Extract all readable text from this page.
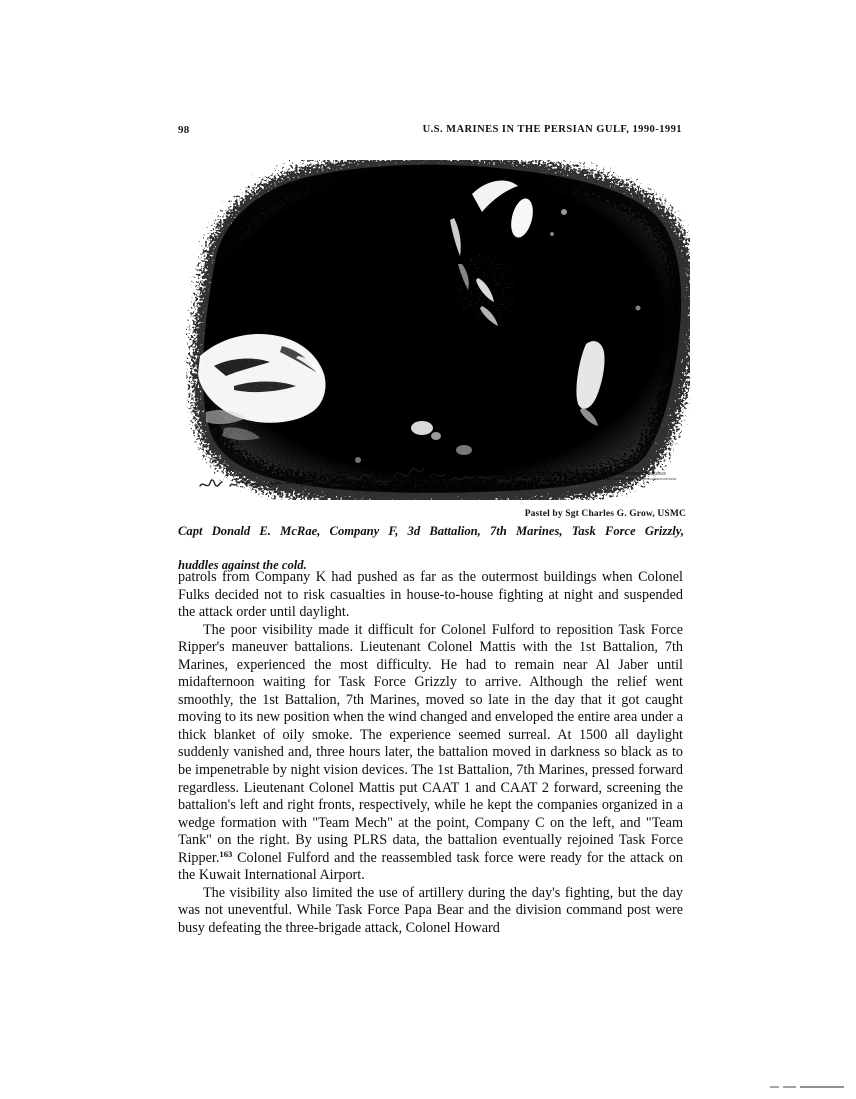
98	U.S. MARINES IN THE PERSIAN GULF, 1990-1991
Pastel by Sgt Charles G. Grow, USMC
Capt Donald E. McRae, Company F, 3d Battalion, 7th Marines, Task Force Grizzly,
huddles against the cold.

patrols from Company K had pushed as far as the outermost buildings when Colonel Fulks decided not to risk casualties in house-to-house fighting at night and suspended the attack order until daylight.

The poor visibility made it difficult for Colonel Fulford to reposition Task Force Ripper's maneuver battalions. Lieutenant Colonel Mattis with the 1st Battalion, 7th Marines, experienced the most difficulty. He had to remain near Al Jaber until midafternoon waiting for Task Force Grizzly to arrive. Although the relief went smoothly, the 1st Battalion, 7th Marines, moved so late in the day that it got caught moving to its new position when the wind changed and enveloped the entire area under a thick blanket of oily smoke. The experience seemed surreal. At 1500 all daylight suddenly vanished and, three hours later, the battalion moved in darkness so black as to be impenetrable by night vision devices. The 1st Battalion, 7th Marines, pressed forward regardless. Lieutenant Colonel Mattis put CAAT 1 and CAAT 2 forward, screening the battalion's left and right fronts, respectively, while he kept the companies organized in a wedge formation with "Team Mech" at the point, Company C on the left, and "Team Tank" on the right. By using PLRS data, the battalion eventually rejoined Task Force Ripper.$^{163}$ Colonel Fulford and the reassembled task force were ready for the attack on the Kuwait International Airport.

The visibility also limited the use of artillery during the day's fighting, but the day was not uneventful. While Task Force Papa Bear and the division command post were busy defeating the three-brigade attack, Colonel Howard
